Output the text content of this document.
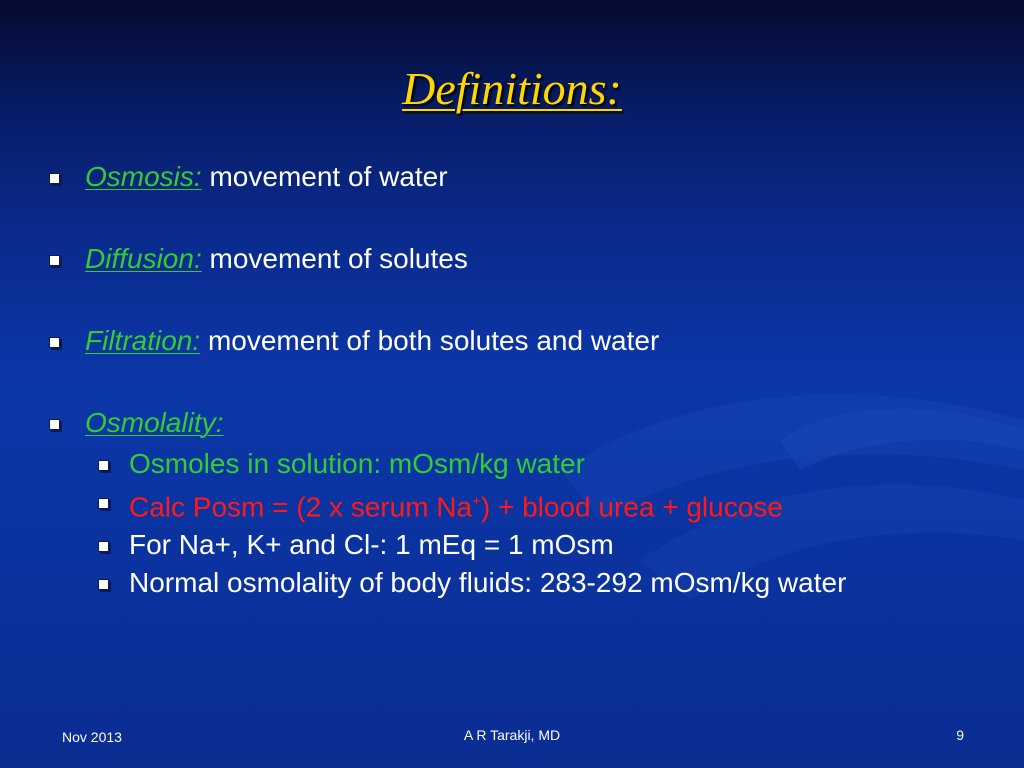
Definitions:
Osmosis: movement of water
Diffusion: movement of solutes
Filtration: movement of both solutes and water
Osmolality:
Osmoles in solution: mOsm/kg water
Calc Posm = (2 x serum Na+) + blood urea + glucose
For Na+, K+ and Cl-: 1 mEq = 1 mOsm
Normal osmolality of body fluids: 283-292 mOsm/kg water
Nov 2013	A R Tarakji, MD	9
